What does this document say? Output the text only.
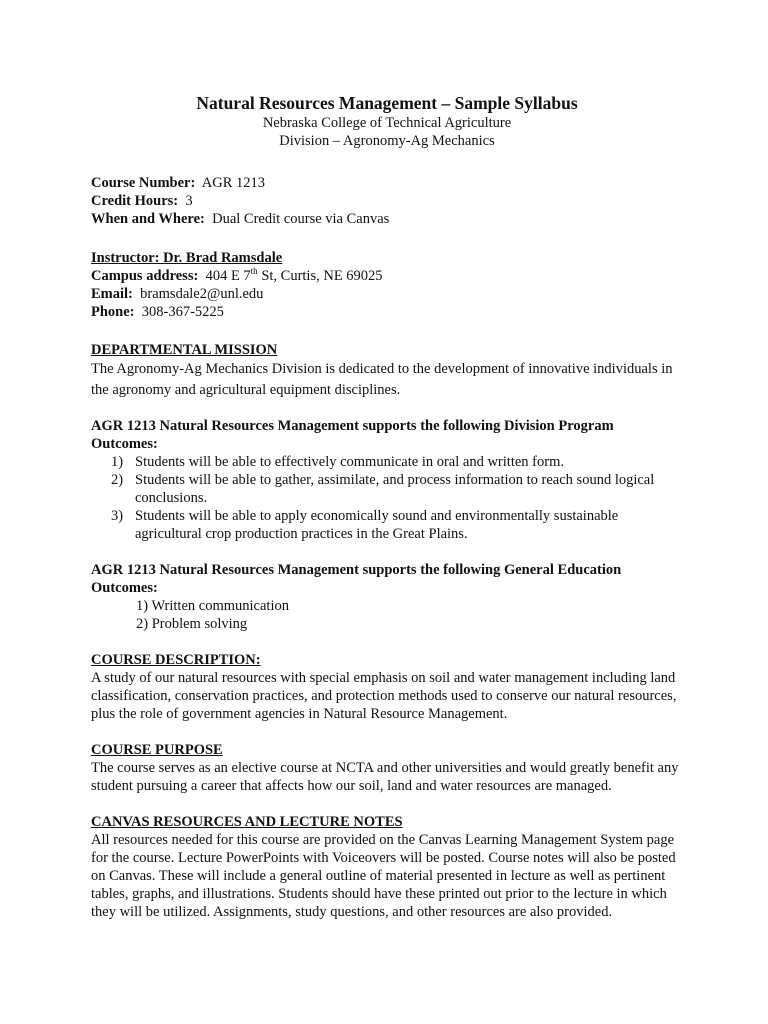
Natural Resources Management – Sample Syllabus

Nebraska College of Technical Agriculture

Division – Agronomy-Ag Mechanics

Course Number: AGR 1213

Credit Hours: 3

When and Where: Dual Credit course via Canvas

Instructor: Dr. Brad Ramsdale

Campus address: 404 E 7th St, Curtis, NE 69025

Email: bramsdale2@unl.edu

Phone: 308-367-5225

DEPARTMENTAL MISSION

The Agronomy-Ag Mechanics Division is dedicated to the development of innovative individuals in the agronomy and agricultural equipment disciplines.

AGR 1213 Natural Resources Management supports the following Division Program
Outcomes:

1) Students will be able to effectively communicate in oral and written form.
2) Students will be able to gather, assimilate, and process information to reach sound logical conclusions.
3) Students will be able to apply economically sound and environmentally sustainable agricultural crop production practices in the Great Plains.

AGR 1213 Natural Resources Management supports the following General Education
Outcomes:

1) Written communication

2) Problem solving

COURSE DESCRIPTION:

A study of our natural resources with special emphasis on soil and water management including land classification, conservation practices, and protection methods used to conserve our natural resources, plus the role of government agencies in Natural Resource Management.

COURSE PURPOSE

The course serves as an elective course at NCTA and other universities and would greatly benefit any student pursuing a career that affects how our soil, land and water resources are managed.

CANVAS RESOURCES AND LECTURE NOTES

All resources needed for this course are provided on the Canvas Learning Management System page for the course. Lecture PowerPoints with Voiceovers will be posted. Course notes will also be posted on Canvas. These will include a general outline of material presented in lecture as well as pertinent tables, graphs, and illustrations. Students should have these printed out prior to the lecture in which they will be utilized. Assignments, study questions, and other resources are also provided.
